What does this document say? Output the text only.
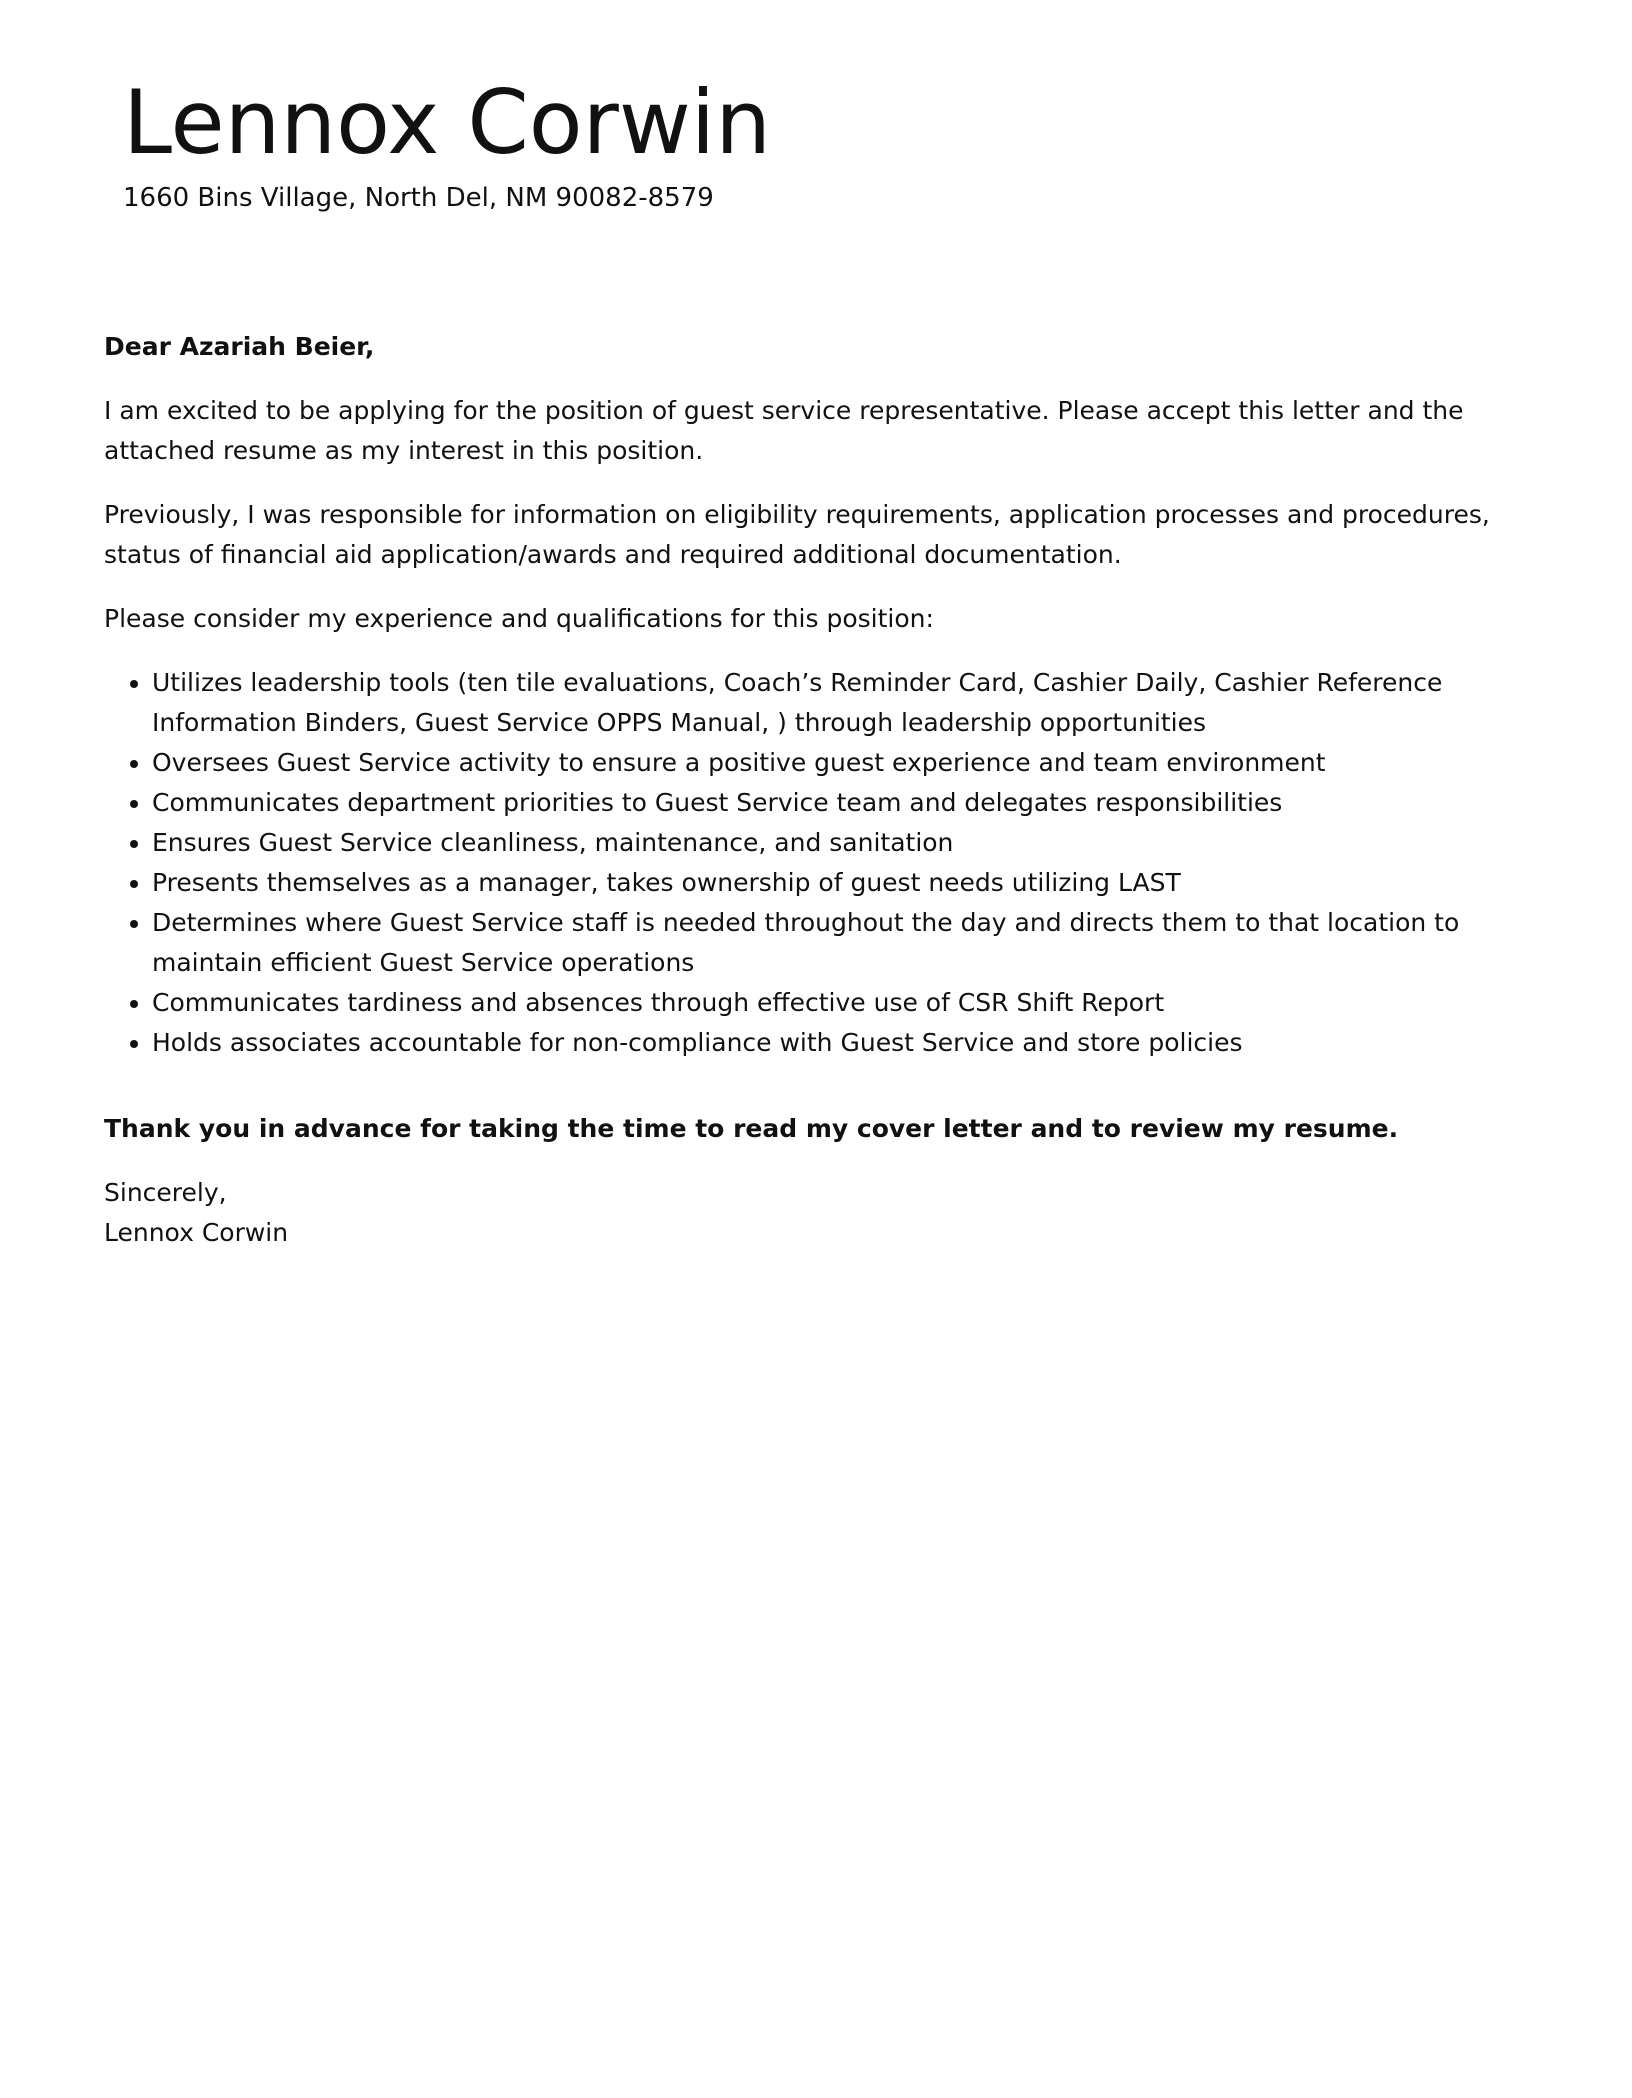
Lennox Corwin
1660 Bins Village, North Del, NM 90082-8579

Dear Azariah Beier,

I am excited to be applying for the position of guest service representative. Please accept this letter and the attached resume as my interest in this position.

Previously, I was responsible for information on eligibility requirements, application processes and procedures, status of financial aid application/awards and required additional documentation.

Please consider my experience and qualifications for this position:

• Utilizes leadership tools (ten tile evaluations, Coach’s Reminder Card, Cashier Daily, Cashier Reference Information Binders, Guest Service OPPS Manual, ) through leadership opportunities
• Oversees Guest Service activity to ensure a positive guest experience and team environment
• Communicates department priorities to Guest Service team and delegates responsibilities
• Ensures Guest Service cleanliness, maintenance, and sanitation
• Presents themselves as a manager, takes ownership of guest needs utilizing LAST
• Determines where Guest Service staff is needed throughout the day and directs them to that location to maintain efficient Guest Service operations
• Communicates tardiness and absences through effective use of CSR Shift Report
• Holds associates accountable for non-compliance with Guest Service and store policies

Thank you in advance for taking the time to read my cover letter and to review my resume.

Sincerely,

Lennox Corwin
